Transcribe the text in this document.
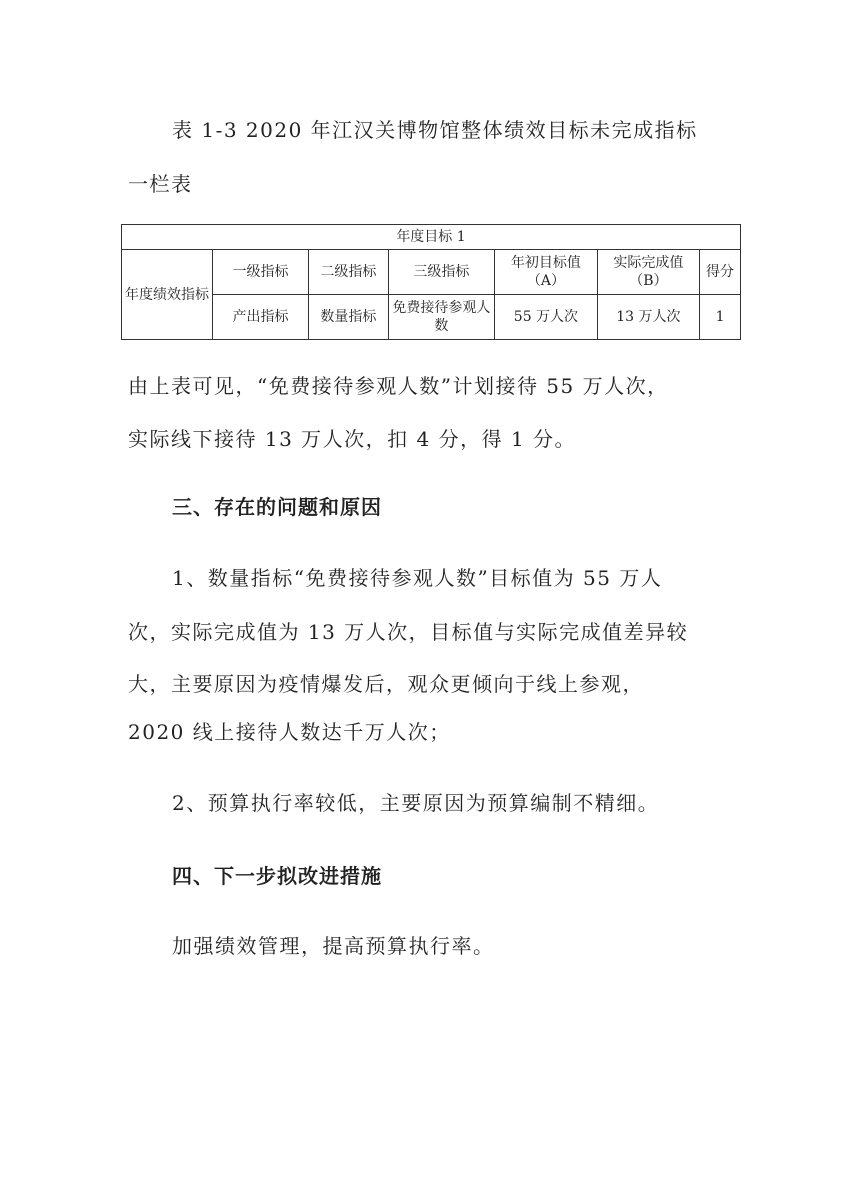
表 1-3 2020 年江汉关博物馆整体绩效目标未完成指标
一栏表
年度目标 1						
年度绩效指标	一级指标	二级指标	三级指标	年初目标值（A）	实际完成值（B）	得分
	产出指标	数量指标	免费接待参观人数	55 万人次	13 万人次	1
由上表可见，“免费接待参观人数”计划接待 55 万人次，
实际线下接待 13 万人次，扣 4 分，得 1 分。
三、存在的问题和原因
1、数量指标“免费接待参观人数”目标值为 55 万人
次，实际完成值为 13 万人次，目标值与实际完成值差异较
大，主要原因为疫情爆发后，观众更倾向于线上参观，
2020 线上接待人数达千万人次；
2、预算执行率较低，主要原因为预算编制不精细。
四、下一步拟改进措施
加强绩效管理，提高预算执行率。
